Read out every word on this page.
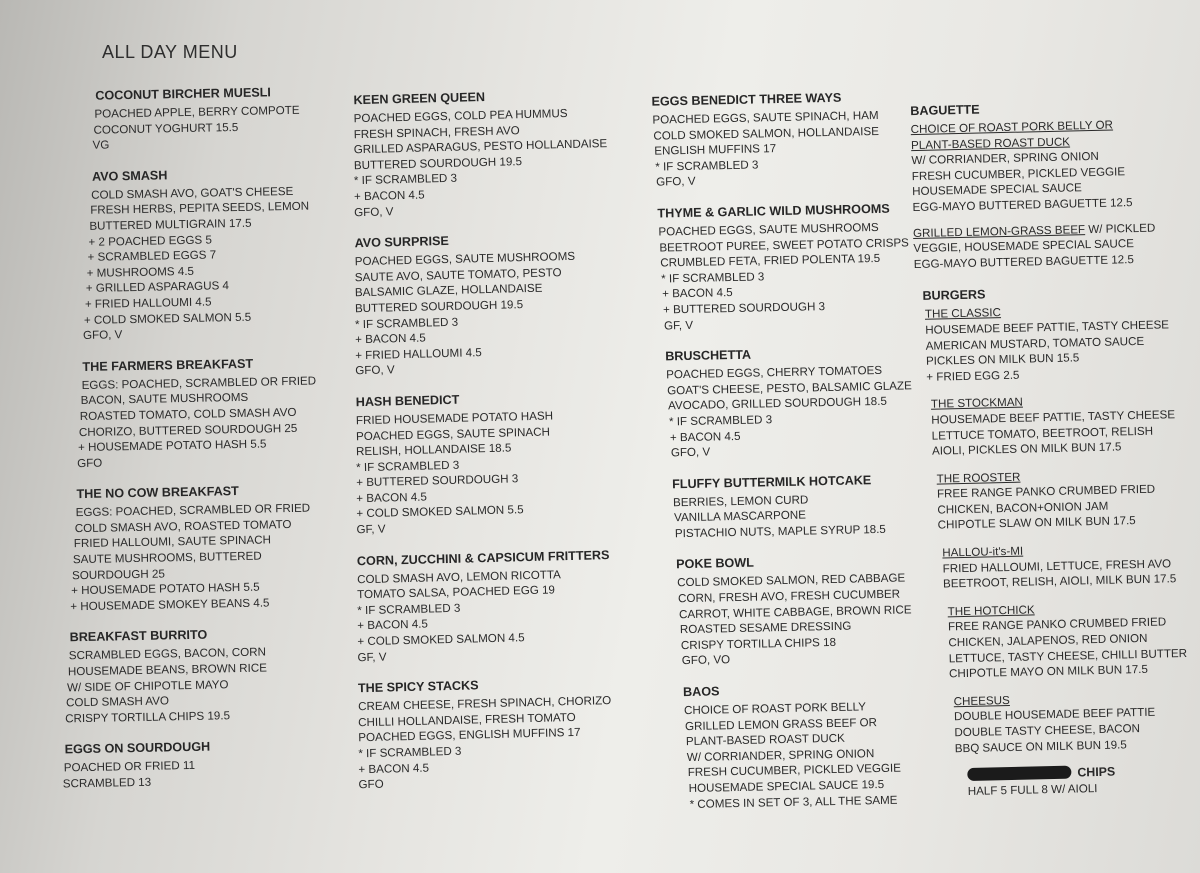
ALL DAY MENU
COCONUT BIRCHER MUESLI
POACHED APPLE, BERRY COMPOTE
COCONUT YOGHURT 15.5
VG
AVO SMASH
COLD SMASH AVO, GOAT'S CHEESE
FRESH HERBS, PEPITA SEEDS, LEMON
BUTTERED MULTIGRAIN 17.5
+ 2 POACHED EGGS 5
+ SCRAMBLED EGGS 7
+ MUSHROOMS 4.5
+ GRILLED ASPARAGUS 4
+ FRIED HALLOUMI 4.5
+ COLD SMOKED SALMON 5.5
GFO, V
THE FARMERS BREAKFAST
EGGS: POACHED, SCRAMBLED OR FRIED
BACON, SAUTE MUSHROOMS
ROASTED TOMATO, COLD SMASH AVO
CHORIZO, BUTTERED SOURDOUGH 25
+ HOUSEMADE POTATO HASH 5.5
GFO
THE NO COW BREAKFAST
EGGS: POACHED, SCRAMBLED OR FRIED
COLD SMASH AVO, ROASTED TOMATO
FRIED HALLOUMI, SAUTE SPINACH
SAUTE MUSHROOMS, BUTTERED
SOURDOUGH 25
+ HOUSEMADE POTATO HASH 5.5
+ HOUSEMADE SMOKEY BEANS 4.5
BREAKFAST BURRITO
SCRAMBLED EGGS, BACON, CORN
HOUSEMADE BEANS, BROWN RICE
W/ SIDE OF CHIPOTLE MAYO
COLD SMASH AVO
CRISPY TORTILLA CHIPS 19.5
EGGS ON SOURDOUGH
POACHED OR FRIED 11
SCRAMBLED 13
KEEN GREEN QUEEN
POACHED EGGS, COLD PEA HUMMUS
FRESH SPINACH, FRESH AVO
GRILLED ASPARAGUS, PESTO HOLLANDAISE
BUTTERED SOURDOUGH 19.5
* IF SCRAMBLED 3
+ BACON 4.5
GFO, V
AVO SURPRISE
POACHED EGGS, SAUTE MUSHROOMS
SAUTE AVO, SAUTE TOMATO, PESTO
BALSAMIC GLAZE, HOLLANDAISE
BUTTERED SOURDOUGH 19.5
* IF SCRAMBLED 3
+ BACON 4.5
+ FRIED HALLOUMI 4.5
GFO, V
HASH BENEDICT
FRIED HOUSEMADE POTATO HASH
POACHED EGGS, SAUTE SPINACH
RELISH, HOLLANDAISE 18.5
* IF SCRAMBLED 3
+ BUTTERED SOURDOUGH 3
+ BACON 4.5
+ COLD SMOKED SALMON 5.5
GF, V
CORN, ZUCCHINI & CAPSICUM FRITTERS
COLD SMASH AVO, LEMON RICOTTA
TOMATO SALSA, POACHED EGG 19
* IF SCRAMBLED 3
+ BACON 4.5
+ COLD SMOKED SALMON 4.5
GF, V
THE SPICY STACKS
CREAM CHEESE, FRESH SPINACH, CHORIZO
CHILLI HOLLANDAISE, FRESH TOMATO
POACHED EGGS, ENGLISH MUFFINS 17
* IF SCRAMBLED 3
+ BACON 4.5
GFO
EGGS BENEDICT THREE WAYS
POACHED EGGS, SAUTE SPINACH, HAM
COLD SMOKED SALMON, HOLLANDAISE
ENGLISH MUFFINS 17
* IF SCRAMBLED 3
GFO, V
THYME & GARLIC WILD MUSHROOMS
POACHED EGGS, SAUTE MUSHROOMS
BEETROOT PUREE, SWEET POTATO CRISPS
CRUMBLED FETA, FRIED POLENTA 19.5
* IF SCRAMBLED 3
+ BACON 4.5
+ BUTTERED SOURDOUGH 3
GF, V
BRUSCHETTA
POACHED EGGS, CHERRY TOMATOES
GOAT'S CHEESE, PESTO, BALSAMIC GLAZE
AVOCADO, GRILLED SOURDOUGH 18.5
* IF SCRAMBLED 3
+ BACON 4.5
GFO, V
FLUFFY BUTTERMILK HOTCAKE
BERRIES, LEMON CURD
VANILLA MASCARPONE
PISTACHIO NUTS, MAPLE SYRUP 18.5
POKE BOWL
COLD SMOKED SALMON, RED CABBAGE
CORN, FRESH AVO, FRESH CUCUMBER
CARROT, WHITE CABBAGE, BROWN RICE
ROASTED SESAME DRESSING
CRISPY TORTILLA CHIPS 18
GFO, VO
BAOS
CHOICE OF ROAST PORK BELLY
GRILLED LEMON GRASS BEEF OR
PLANT-BASED ROAST DUCK
W/ CORRIANDER, SPRING ONION
FRESH CUCUMBER, PICKLED VEGGIE
HOUSEMADE SPECIAL SAUCE 19.5
* COMES IN SET OF 3, ALL THE SAME
BAGUETTE
CHOICE OF ROAST PORK BELLY OR
PLANT-BASED ROAST DUCK
W/ CORRIANDER, SPRING ONION
FRESH CUCUMBER, PICKLED VEGGIE
HOUSEMADE SPECIAL SAUCE
EGG-MAYO BUTTERED BAGUETTE 12.5
GRILLED LEMON-GRASS BEEF W/ PICKLED
VEGGIE, HOUSEMADE SPECIAL SAUCE
EGG-MAYO BUTTERED BAGUETTE 12.5
BURGERS
THE CLASSIC
HOUSEMADE BEEF PATTIE, TASTY CHEESE
AMERICAN MUSTARD, TOMATO SAUCE
PICKLES ON MILK BUN 15.5
+ FRIED EGG 2.5
THE STOCKMAN
HOUSEMADE BEEF PATTIE, TASTY CHEESE
LETTUCE TOMATO, BEETROOT, RELISH
AIOLI, PICKLES ON MILK BUN 17.5
THE ROOSTER
FREE RANGE PANKO CRUMBED FRIED
CHICKEN, BACON+ONION JAM
CHIPOTLE SLAW ON MILK BUN 17.5
HALLOU-it's-MI
FRIED HALLOUMI, LETTUCE, FRESH AVO
BEETROOT, RELISH, AIOLI, MILK BUN 17.5
THE HOTCHICK
FREE RANGE PANKO CRUMBED FRIED
CHICKEN, JALAPENOS, RED ONION
LETTUCE, TASTY CHEESE, CHILLI BUTTER
CHIPOTLE MAYO ON MILK BUN 17.5
CHEESUS
DOUBLE HOUSEMADE BEEF PATTIE
DOUBLE TASTY CHEESE, BACON
BBQ SAUCE ON MILK BUN 19.5
CHIPS
HALF 5 FULL 8 W/ AIOLI
